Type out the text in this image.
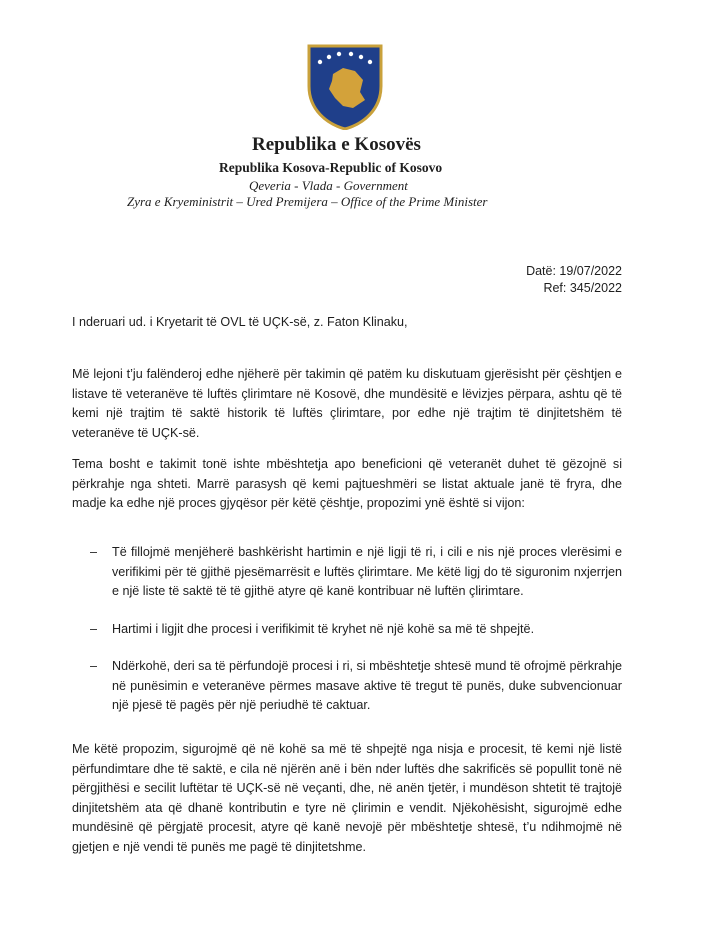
Republika e Kosovës
Republika Kosova-Republic of Kosovo
Qeveria - Vlada - Government
Zyra e Kryeministrit – Ured Premijera – Office of the Prime Minister
Datë: 19/07/2022
Ref: 345/2022
I nderuari ud. i Kryetarit të OVL të UÇK-së, z. Faton Klinaku,
Më lejoni t’ju falënderoj edhe njëherë për takimin që patëm ku diskutuam gjerësisht për çështjen e listave të veteranëve të luftës çlirimtare në Kosovë, dhe mundësitë e lëvizjes përpara, ashtu që të kemi një trajtim të saktë historik të luftës çlirimtare, por edhe një trajtim të dinjitetshëm të veteranëve të UÇK-së.
Tema bosht e takimit tonë ishte mbështetja apo beneficioni që veteranët duhet të gëzojnë si përkrahje nga shteti. Marrë parasysh që kemi pajtueshmëri se listat aktuale janë të fryra, dhe madje ka edhe një proces gjyqësor për këtë çështje, propozimi ynë është si vijon:
– Të fillojmë menjëherë bashkërisht hartimin e një ligji të ri, i cili e nis një proces vlerësimi e verifikimi për të gjithë pjesëmarrësit e luftës çlirimtare. Me këtë ligj do të siguronim nxjerrjen e një liste të saktë të të gjithë atyre që kanë kontribuar në luftën çlirimtare.
– Hartimi i ligjit dhe procesi i verifikimit të kryhet në një kohë sa më të shpejtë.
– Ndërkohë, deri sa të përfundojë procesi i ri, si mbështetje shtesë mund të ofrojmë përkrahje në punësimin e veteranëve përmes masave aktive të tregut të punës, duke subvencionuar një pjesë të pagës për një periudhë të caktuar.
Me këtë propozim, sigurojmë që në kohë sa më të shpejtë nga nisja e procesit, të kemi një listë përfundimtare dhe të saktë, e cila në njërën anë i bën nder luftës dhe sakrificës së popullit tonë në përgjithësi e secilit luftëtar të UÇK-së në veçanti, dhe, në anën tjetër, i mundëson shtetit të trajtojë dinjitetshëm ata që dhanë kontributin e tyre në çlirimin e vendit. Njëkohësisht, sigurojmë edhe mundësinë që përgjatë procesit, atyre që kanë nevojë për mbështetje shtesë, t’u ndihmojmë në gjetjen e një vendi të punës me pagë të dinjitetshme.
